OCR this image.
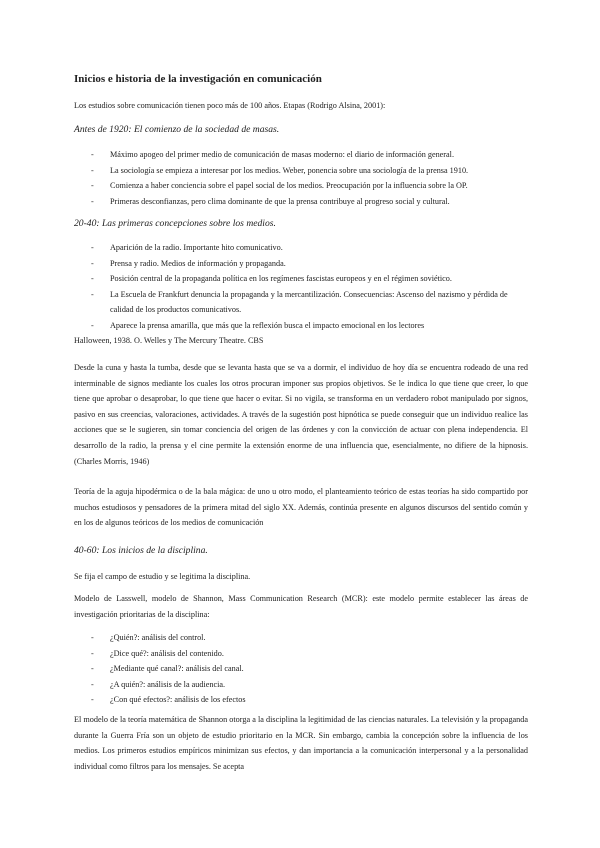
Inicios e historia de la investigación en comunicación

Los estudios sobre comunicación tienen poco más de 100 años. Etapas (Rodrigo Alsina, 2001):

Antes de 1920: El comienzo de la sociedad de masas.
- Máximo apogeo del primer medio de comunicación de masas moderno: el diario de información general.
- La sociología se empieza a interesar por los medios. Weber, ponencia sobre una sociología de la prensa 1910.
- Comienza a haber conciencia sobre el papel social de los medios. Preocupación por la influencia sobre la OP.
- Primeras desconfianzas, pero clima dominante de que la prensa contribuye al progreso social y cultural.
20-40: Las primeras concepciones sobre los medios.
- Aparición de la radio. Importante hito comunicativo.
- Prensa y radio. Medios de información y propaganda.
- Posición central de la propaganda política en los regímenes fascistas europeos y en el régimen soviético.
- La Escuela de Frankfurt denuncia la propaganda y la mercantilización. Consecuencias: Ascenso del nazismo y pérdida de calidad de los productos comunicativos.
- Aparece la prensa amarilla, que más que la reflexión busca el impacto emocional en los lectores

Halloween, 1938. O. Welles y The Mercury Theatre. CBS

Desde la cuna y hasta la tumba, desde que se levanta hasta que se va a dormir, el individuo de hoy día se encuentra rodeado de una red interminable de signos mediante los cuales los otros procuran imponer sus propios objetivos. Se le indica lo que tiene que creer, lo que tiene que aprobar o desaprobar, lo que tiene que hacer o evitar. Si no vigila, se transforma en un verdadero robot manipulado por signos, pasivo en sus creencias, valoraciones, actividades. A través de la sugestión post hipnótica se puede conseguir que un individuo realice las acciones que se le sugieren, sin tomar conciencia del origen de las órdenes y con la convicción de actuar con plena independencia. El desarrollo de la radio, la prensa y el cine permite la extensión enorme de una influencia que, esencialmente, no difiere de la hipnosis. (Charles Morris, 1946)

Teoría de la aguja hipodérmica o de la bala mágica: de uno u otro modo, el planteamiento teórico de estas teorías ha sido compartido por muchos estudiosos y pensadores de la primera mitad del siglo XX. Además, continúa presente en algunos discursos del sentido común y en los de algunos teóricos de los medios de comunicación

40-60: Los inicios de la disciplina.

Se fija el campo de estudio y se legitima la disciplina.

Modelo de Lasswell, modelo de Shannon, Mass Communication Research (MCR): este modelo permite establecer las áreas de investigación prioritarias de la disciplina:

- ¿Quién?: análisis del control.
- ¿Dice qué?: análisis del contenido.
- ¿Mediante qué canal?: análisis del canal.
- ¿A quién?: análisis de la audiencia.
- ¿Con qué efectos?: análisis de los efectos

El modelo de la teoría matemática de Shannon otorga a la disciplina la legitimidad de las ciencias naturales. La televisión y la propaganda durante la Guerra Fría son un objeto de estudio prioritario en la MCR. Sin embargo, cambia la concepción sobre la influencia de los medios. Los primeros estudios empíricos minimizan sus efectos, y dan importancia a la comunicación interpersonal y a la personalidad individual como filtros para los mensajes. Se acepta
